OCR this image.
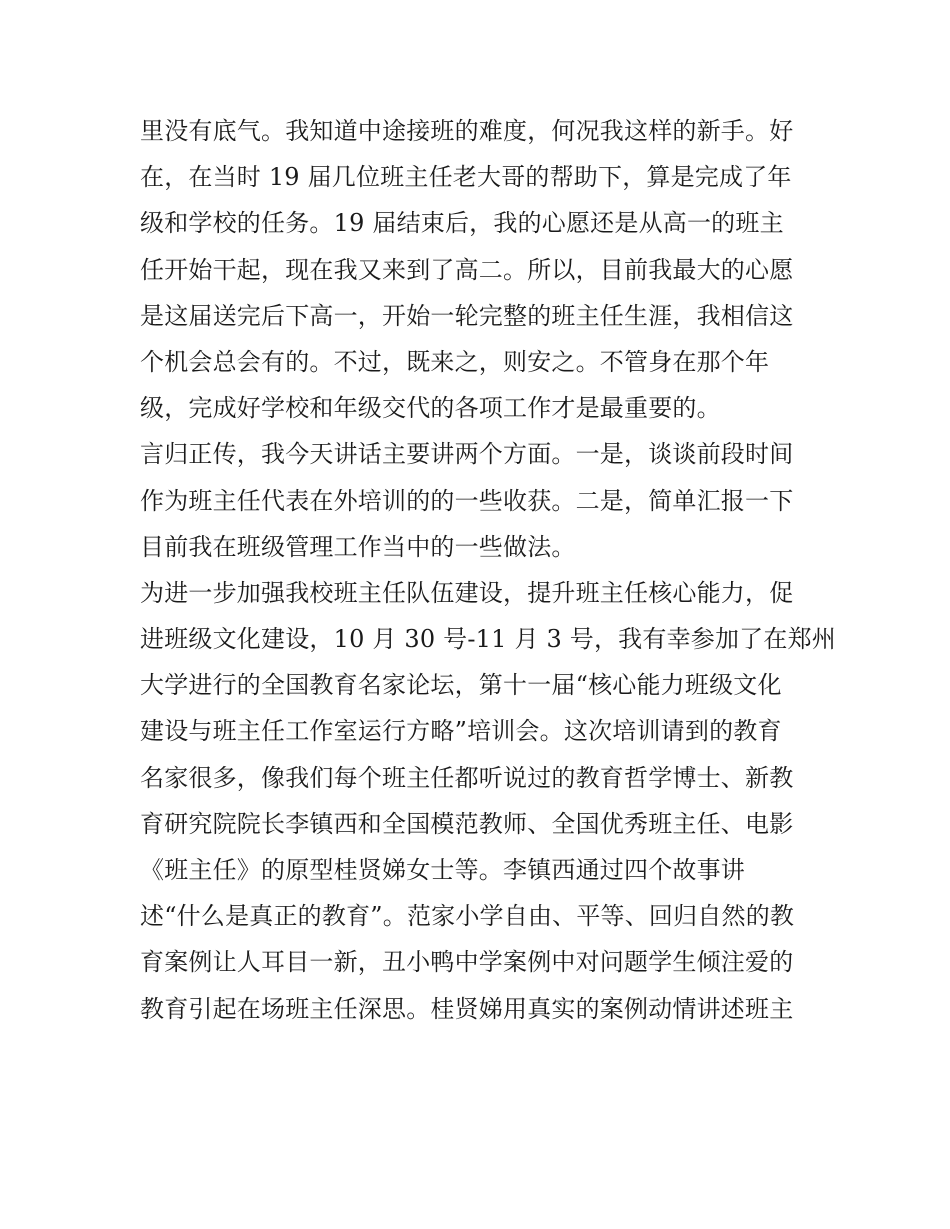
里没有底气。我知道中途接班的难度，何况我这样的新手。好
在，在当时 19 届几位班主任老大哥的帮助下，算是完成了年
级和学校的任务。19 届结束后，我的心愿还是从高一的班主
任开始干起，现在我又来到了高二。所以，目前我最大的心愿
是这届送完后下高一，开始一轮完整的班主任生涯，我相信这
个机会总会有的。不过，既来之，则安之。不管身在那个年
级，完成好学校和年级交代的各项工作才是最重要的。
言归正传，我今天讲话主要讲两个方面。一是，谈谈前段时间
作为班主任代表在外培训的的一些收获。二是，简单汇报一下
目前我在班级管理工作当中的一些做法。
为进一步加强我校班主任队伍建设，提升班主任核心能力，促
进班级文化建设，10 月 30 号-11 月 3 号，我有幸参加了在郑州
大学进行的全国教育名家论坛，第十一届“核心能力班级文化
建设与班主任工作室运行方略”培训会。这次培训请到的教育
名家很多，像我们每个班主任都听说过的教育哲学博士、新教
育研究院院长李镇西和全国模范教师、全国优秀班主任、电影
《班主任》的原型桂贤娣女士等。李镇西通过四个故事讲
述“什么是真正的教育”。范家小学自由、平等、回归自然的教
育案例让人耳目一新，丑小鸭中学案例中对问题学生倾注爱的
教育引起在场班主任深思。桂贤娣用真实的案例动情讲述班主
